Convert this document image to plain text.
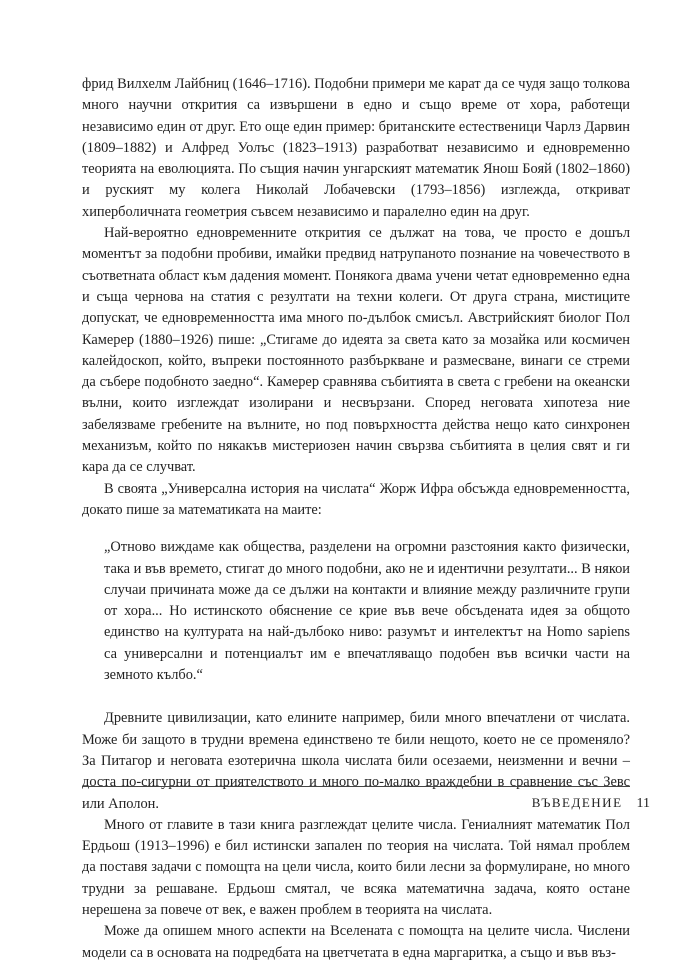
фрид Вилхелм Лайбниц (1646–1716). Подобни примери ме карат да се чудя защо толкова много научни открития са извършени в едно и също време от хора, работещи независимо един от друг. Ето още един пример: британските естественици Чарлз Дарвин (1809–1882) и Алфред Уолъс (1823–1913) разработват независимо и едновременно теорията на еволюцията. По същия начин унгарският математик Янош Бояй (1802–1860) и руският му колега Николай Лобачевски (1793–1856) изглежда, откриват хиперболичната геометрия съвсем независимо и паралелно един на друг.

Най-вероятно едновременните открития се дължат на това, че просто е дошъл моментът за подобни пробиви, имайки предвид натрупаното познание на човечеството в съответната област към дадения момент. Понякога двама учени четат едновременно една и съща чернова на статия с резултати на техни колеги. От друга страна, мистиците допускат, че едновременността има много по-дълбок смисъл. Австрийският биолог Пол Камерер (1880–1926) пише: „Стигаме до идеята за света като за мозайка или космичен калейдоскоп, който, въпреки постоянното разбъркване и размесване, винаги се стреми да събере подобното заедно“. Камерер сравнява събитията в света с гребени на океански вълни, които изглеждат изолирани и несвързани. Според неговата хипотеза ние забелязваме гребените на вълните, но под повърхността действа нещо като синхронен механизъм, който по някакъв мистериозен начин свързва събитията в целия свят и ги кара да се случват.

В своята „Универсална история на числата“ Жорж Ифра обсъжда едновременността, докато пише за математиката на маите:

„Отново виждаме как общества, разделени на огромни разстояния както физически, така и във времето, стигат до много подобни, ако не и идентични резултати... В някои случаи причината може да се дължи на контакти и влияние между различните групи от хора... Но истинското обяснение се крие във вече обсъдената идея за общото единство на културата на най-дълбоко ниво: разумът и интелектът на Homo sapiens са универсални и потенциалът им е впечатляващо подобен във всички части на земното кълбо.“

Древните цивилизации, като елините например, били много впечатлени от числата. Може би защото в трудни времена единствено те били нещото, което не се променяло? За Питагор и неговата езотерична школа числата били осезаеми, неизменни и вечни – доста по-сигурни от приятелството и много по-малко враждебни в сравнение със Зевс или Аполон.

Много от главите в тази книга разглеждат целите числа. Гениалният математик Пол Ердьош (1913–1996) е бил истински запален по теория на числата. Той нямал проблем да поставя задачи с помощта на цели числа, които били лесни за формулиране, но много трудни за решаване. Ердьош смятал, че всяка математична задача, която остане нерешена за повече от век, е важен проблем в теорията на числата.

Може да опишем много аспекти на Вселената с помощта на целите числа. Числени модели са в основата на подредбата на цветчетата в една маргаритка, а също и във въз-

ВЪВЕДЕНИЕ 11
